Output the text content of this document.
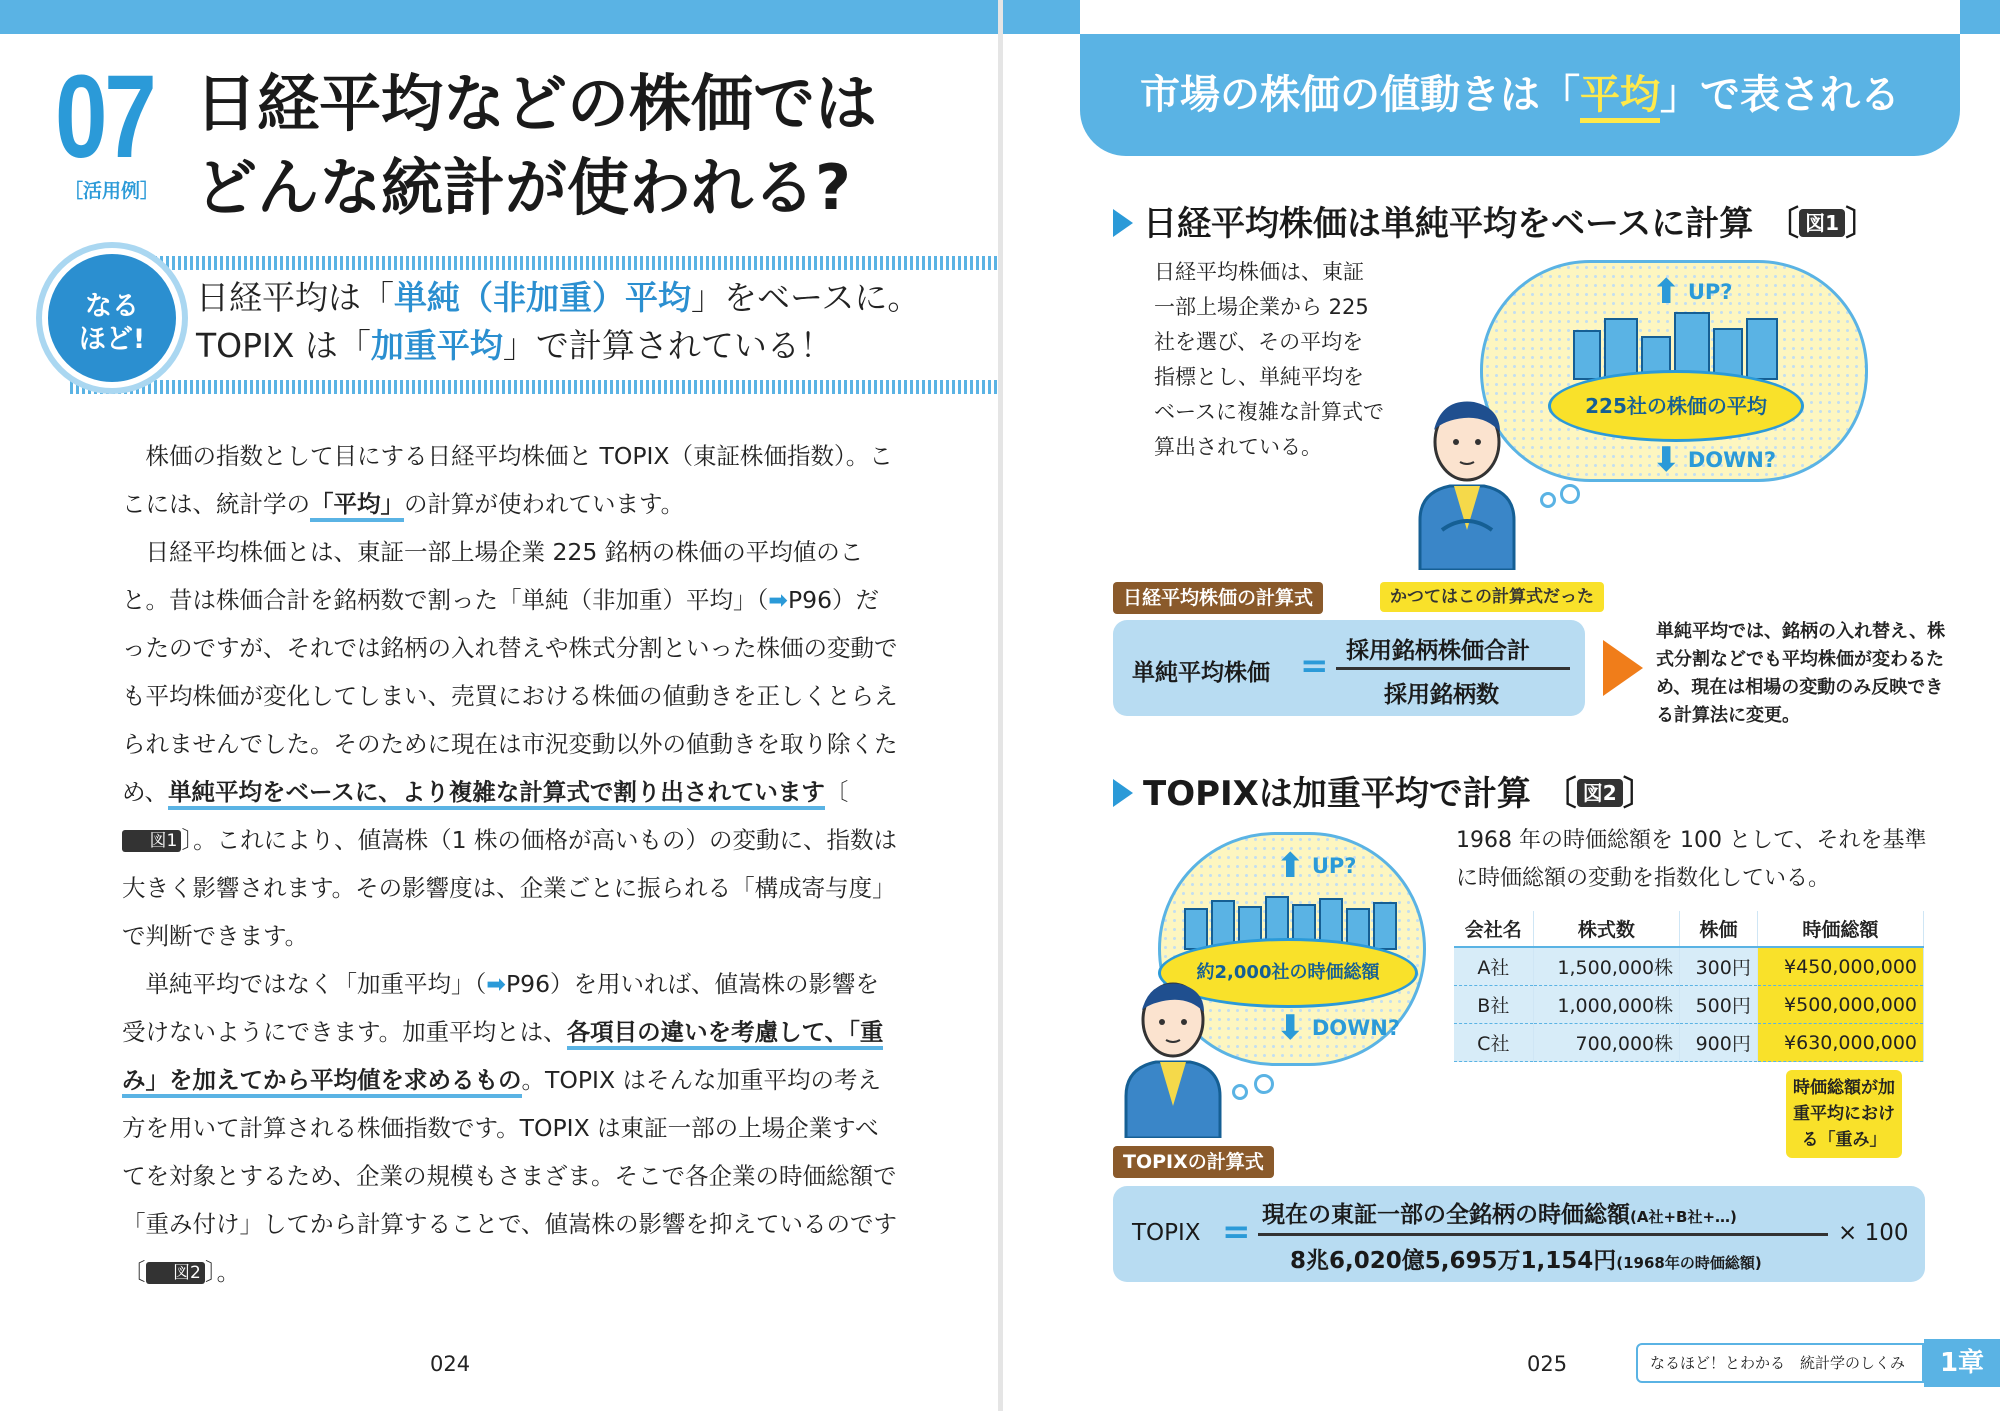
07
［活用例］
日経平均などの株価では
どんな統計が使われる?
なる
ほど!
日経平均は「単純（非加重）平均」をベースに。
TOPIX は「加重平均」で計算されている！

株価の指数として目にする日経平均株価と TOPIX（東証株価指数）。ここには、統計学の「平均」の計算が使われています。

日経平均株価とは、東証一部上場企業 225 銘柄の株価の平均値のこと。昔は株価合計を銘柄数で割った「単純（非加重）平均」（➡P96）だったのですが、それでは銘柄の入れ替えや株式分割といった株価の変動でも平均株価が変化してしまい、売買における株価の値動きを正しくとらえられませんでした。そのために現在は市況変動以外の値動きを取り除くため、単純平均をベースに、より複雑な計算式で割り出されています〔図1 〕。これにより、値嵩株（1 株の価格が高いもの）の変動に、指数は大きく影響されます。その影響度は、企業ごとに振られる「構成寄与度」で判断できます。

単純平均ではなく「加重平均」（➡P96）を用いれば、値嵩株の影響を受けないようにできます。加重平均とは、各項目の違いを考慮して、「重み」を加えてから平均値を求めるもの。TOPIX はそんな加重平均の考え方を用いて計算される株価指数です。TOPIX は東証一部の上場企業すべてを対象とするため、企業の規模もさまざま。そこで各企業の時価総額で「重み付け」してから計算することで、値嵩株の影響を抑えているのです〔 図2 〕。

024
市場の株価の値動きは「平均」で表される
日経平均株価は単純平均をベースに計算 〔 図1 〕
日経平均株価は、東証一部上場企業から 225 社を選び、その平均を指標とし、単純平均をベースに複雑な計算式で算出されている。
⬆ UP?
225社の株価の平均
⬇ DOWN?
日経平均株価の計算式	かつてはこの計算式だった
単純平均株価 = 採用銘柄株価合計
採用銘柄数
単純平均では、銘柄の入れ替え、株式分割などでも平均株価が変わるため、現在は相場の変動のみ反映できる計算法に変更。
TOPIXは加重平均で計算 〔 図2 〕
1968 年の時価総額を 100 として、それを基準に時価総額の変動を指数化している。
⬆ UP?
約2,000社の時価総額
⬇ DOWN?
会社名	株式数	株価	時価総額
A社	1,500,000株	300円	¥450,000,000
B社	1,000,000株	500円	¥500,000,000
C社	700,000株	900円	¥630,000,000
時価総額が加重平均における「重み」
TOPIXの計算式
TOPIX = 現在の東証一部の全銘柄の時価総額(A社+B社+…)
8兆6,020億5,695万1,154円(1968年の時価総額)
× 100
025	なるほど！とわかる　統計学のしくみ	1章
